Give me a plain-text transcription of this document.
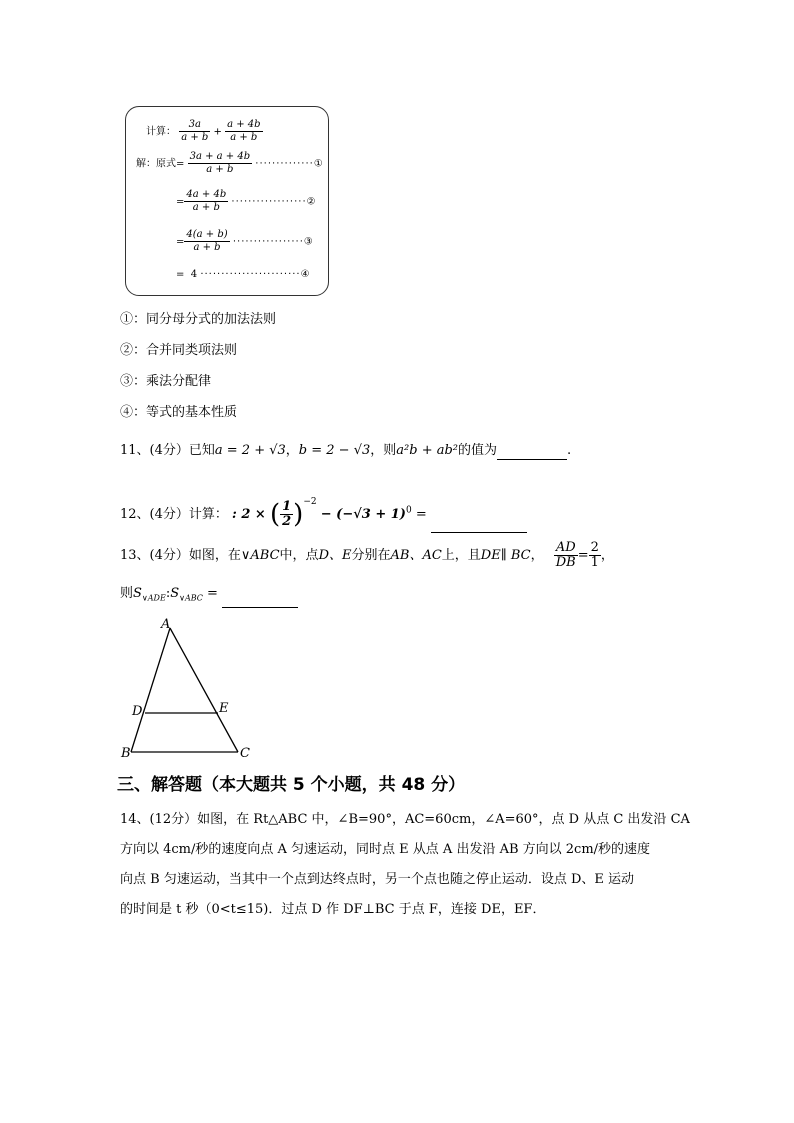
计算： $\frac{3a}{a + b} + \frac{a + 4b}{a + b}$
解：原式= $\frac{3a + a + 4b}{a + b}$ ··············①
= $\frac{4a + 4b}{a + b}$ ··················②
= $\frac{4(a + b)}{a + b}$ ·················③
= 4 ························④
①：同分母分式的加法法则
②：合并同类项法则
③：乘法分配律
④：等式的基本性质
11、(4分）已知a = 2 + √3，b = 2 − √3，则a²b + ab²的值为	.
12、(4分）计算： : 2 × ( $\frac{1}{2} )^{-2} - (-√3 + 1)^0$ =
13、(4分）如图，在∨ABC中，点D、E分别在AB、AC上，且DE∥ BC， $\frac{AD}{DB} = \frac{2}{1}$ ，
则$S_{\vee ADE}:S_{\vee ABC}$ =
A
B	C
D	E
三、解答题（本大题共 5 个小题，共 48 分）
14、(12分）如图，在 Rt△ABC 中，∠B=90°，AC=60cm，∠A=60°，点 D 从点 C 出发沿 CA
方向以 4cm/秒的速度向点 A 匀速运动，同时点 E 从点 A 出发沿 AB 方向以 2cm/秒的速度
向点 B 匀速运动，当其中一个点到达终点时，另一个点也随之停止运动．设点 D、E 运动
的时间是 t 秒（0<t≤15)．过点 D 作 DF⊥BC 于点 F，连接 DE，EF．
